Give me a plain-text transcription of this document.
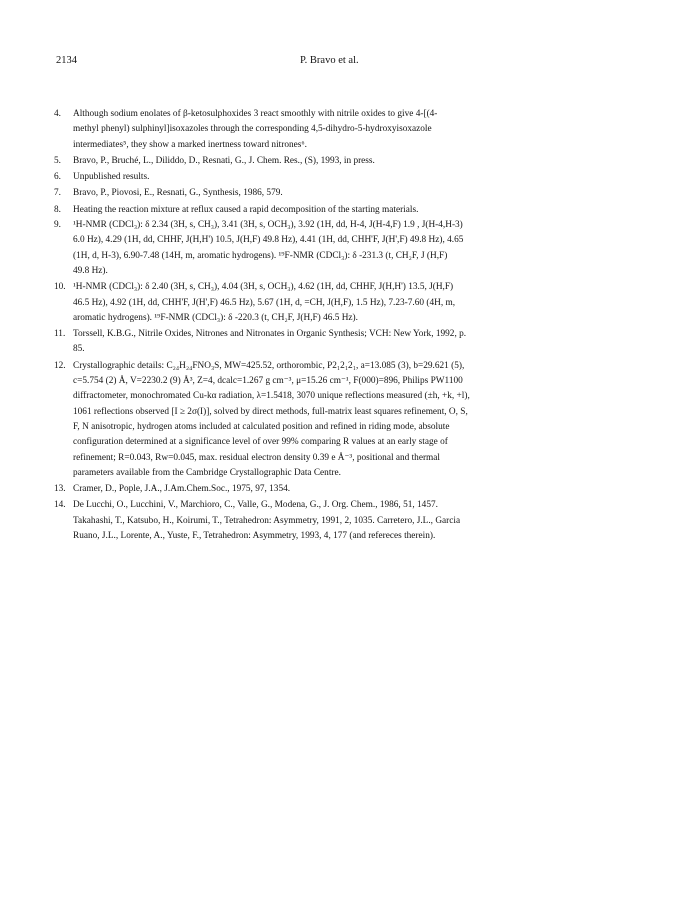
2134	P. Bravo et al.
4. Although sodium enolates of β-ketosulphoxides 3 react smoothly with nitrile oxides to give 4-[(4-
methyl phenyl) sulphinyl]isoxazoles through the corresponding 4,5-dihydro-5-hydroxyisoxazole
intermediates⁵, they show a marked inertness toward nitrones⁶.
5. Bravo, P., Bruché, L., Diliddo, D., Resnati, G., J. Chem. Res., (S), 1993, in press.
6. Unpublished results.
7. Bravo, P., Piovosi, E., Resnati, G., Synthesis, 1986, 579.
8. Heating the reaction mixture at reflux caused a rapid decomposition of the starting materials.
9. ¹H-NMR (CDCl₃): δ 2.34 (3H, s, CH₃), 3.41 (3H, s, OCH₃), 3.92 (1H, dd, H-4, J(H-4,F) 1.9 , J(H-4,H-3)
6.0 Hz), 4.29 (1H, dd, CHHF, J(H,H') 10.5, J(H,F) 49.8 Hz), 4.41 (1H, dd, CHH'F, J(H',F) 49.8 Hz), 4.65
(1H, d, H-3), 6.90-7.48 (14H, m, aromatic hydrogens). ¹⁹F-NMR (CDCl₃): δ -231.3 (t, CH₂F, J (H,F)
49.8 Hz).
10. ¹H-NMR (CDCl₃): δ 2.40 (3H, s, CH₃), 4.04 (3H, s, OCH₃), 4.62 (1H, dd, CHHF, J(H,H') 13.5, J(H,F)
46.5 Hz), 4.92 (1H, dd, CHH'F, J(H',F) 46.5 Hz), 5.67 (1H, d, =CH, J(H,F), 1.5 Hz), 7.23-7.60 (4H, m,
aromatic hydrogens). ¹⁹F-NMR (CDCl₃): δ -220.3 (t, CH₂F, J(H,F) 46.5 Hz).
11. Torssell, K.B.G., Nitrile Oxides, Nitrones and Nitronates in Organic Synthesis; VCH: New York, 1992, p.
85.
12. Crystallographic details: C₂₄H₂₄FNO₃S, MW=425.52, orthorombic, P2₁2₁2₁, a=13.085 (3), b=29.621 (5),
c=5.754 (2) Å, V=2230.2 (9) Å³, Z=4, dcalc=1.267 g cm⁻³, μ=15.26 cm⁻¹, F(000)=896, Philips PW1100
diffractometer, monochromated Cu-kα radiation, λ=1.5418, 3070 unique reflections measured (±h, +k, +l),
1061 reflections observed [I ≥ 2σ(I)], solved by direct methods, full-matrix least squares refinement, O, S,
F, N anisotropic, hydrogen atoms included at calculated position and refined in riding mode, absolute
configuration determined at a significance level of over 99% comparing R values at an early stage of
refinement; R=0.043, Rw=0.045, max. residual electron density 0.39 e Å⁻³, positional and thermal
parameters available from the Cambridge Crystallographic Data Centre.
13. Cramer, D., Pople, J.A., J.Am.Chem.Soc., 1975, 97, 1354.
14. De Lucchi, O., Lucchini, V., Marchioro, C., Valle, G., Modena, G., J. Org. Chem., 1986, 51, 1457.
Takahashi, T., Katsubo, H., Koirumi, T., Tetrahedron: Asymmetry, 1991, 2, 1035. Carretero, J.L., Garcia
Ruano, J.L., Lorente, A., Yuste, F., Tetrahedron: Asymmetry, 1993, 4, 177 (and refereces therein).
